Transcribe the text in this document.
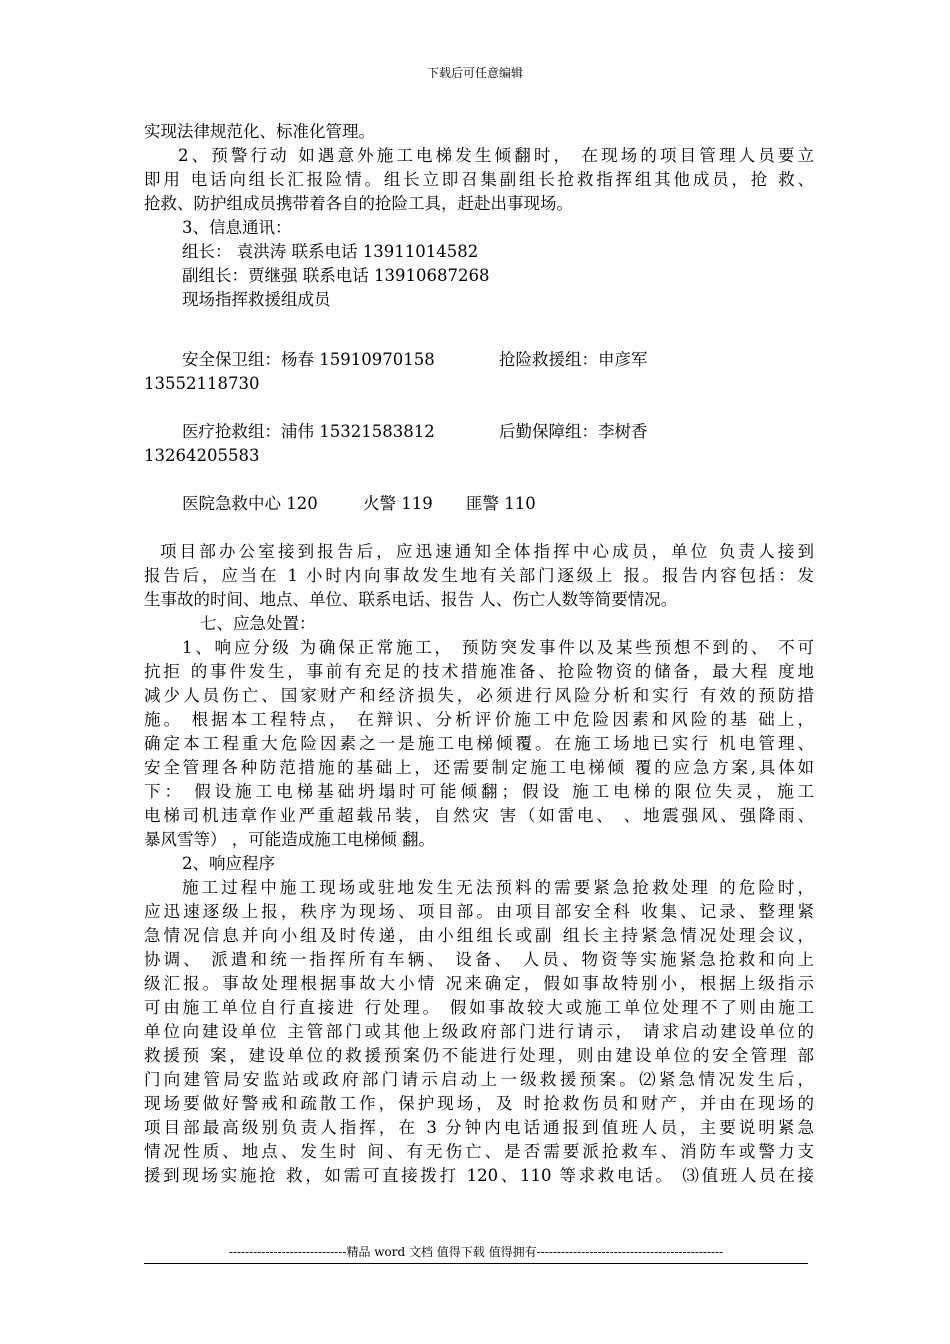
下载后可任意编辑
实现法律规范化、标准化管理。
2、预警行动 如遇意外施工电梯发生倾翻时， 在现场的项目管理人员要立
即用 电话向组长汇报险情。组长立即召集副组长抢救指挥组其他成员，抢 救、
抢救、防护组成员携带着各自的抢险工具，赶赴出事现场。
3、信息通讯：
组长： 袁洪涛 联系电话 13911014582
副组长：贾继强 联系电话 13910687268
现场指挥救援组成员
安全保卫组：杨春 15910970158	抢险救援组：申彦军
13552118730
医疗抢救组：浦伟 15321583812	后勤保障组：李树香
13264205583
医院急救中心 120	火警 119 匪警 110
项目部办公室接到报告后，应迅速通知全体指挥中心成员，单位 负责人接到
报告后，应当在 1 小时内向事故发生地有关部门逐级上 报。报告内容包括：发
生事故的时间、地点、单位、联系电话、报告 人、伤亡人数等简要情况。
七、应急处置：
1、响应分级 为确保正常施工， 预防突发事件以及某些预想不到的、 不可
抗拒 的事件发生，事前有充足的技术措施准备、抢险物资的储备，最大程 度地
减少人员伤亡、国家财产和经济损失，必须进行风险分析和实行 有效的预防措
施。 根据本工程特点， 在辩识、分析评价施工中危险因素和风险的基 础上，
确定本工程重大危险因素之一是施工电梯倾覆。在施工场地已实行 机电管理、
安全管理各种防范措施的基础上，还需要制定施工电梯倾 覆的应急方案,具体如
下： 假设施工电梯基础坍塌时可能倾翻；假设 施工电梯的限位失灵，施工
电梯司机违章作业严重超载吊装，自然灾 害（如雷电、 、地震强风、强降雨、
暴风雪等） ，可能造成施工电梯倾 翻。
2、响应程序
施工过程中施工现场或驻地发生无法预料的需要紧急抢救处理 的危险时，
应迅速逐级上报，秩序为现场、项目部。由项目部安全科 收集、记录、整理紧
急情况信息并向小组及时传递，由小组组长或副 组长主持紧急情况处理会议，
协调、 派遣和统一指挥所有车辆、 设备、 人员、物资等实施紧急抢救和向上
级汇报。事故处理根据事故大小情 况来确定，假如事故特别小，根据上级指示
可由施工单位自行直接进 行处理。 假如事故较大或施工单位处理不了则由施工
单位向建设单位 主管部门或其他上级政府部门进行请示， 请求启动建设单位的
救援预 案，建设单位的救援预案仍不能进行处理，则由建设单位的安全管理 部
门向建管局安监站或政府部门请示启动上一级救援预案。⑵紧急情况发生后，
现场要做好警戒和疏散工作，保护现场，及 时抢救伤员和财产，并由在现场的
项目部最高级别负责人指挥，在 3 分钟内电话通报到值班人员，主要说明紧急
情况性质、地点、发生时 间、有无伤亡、是否需要派抢救车、消防车或警力支
援到现场实施抢 救，如需可直接拨打 120、110 等求救电话。 ⑶值班人员在接
-----------------------------精品 word 文档 值得下载 值得拥有----------------------------------------------
